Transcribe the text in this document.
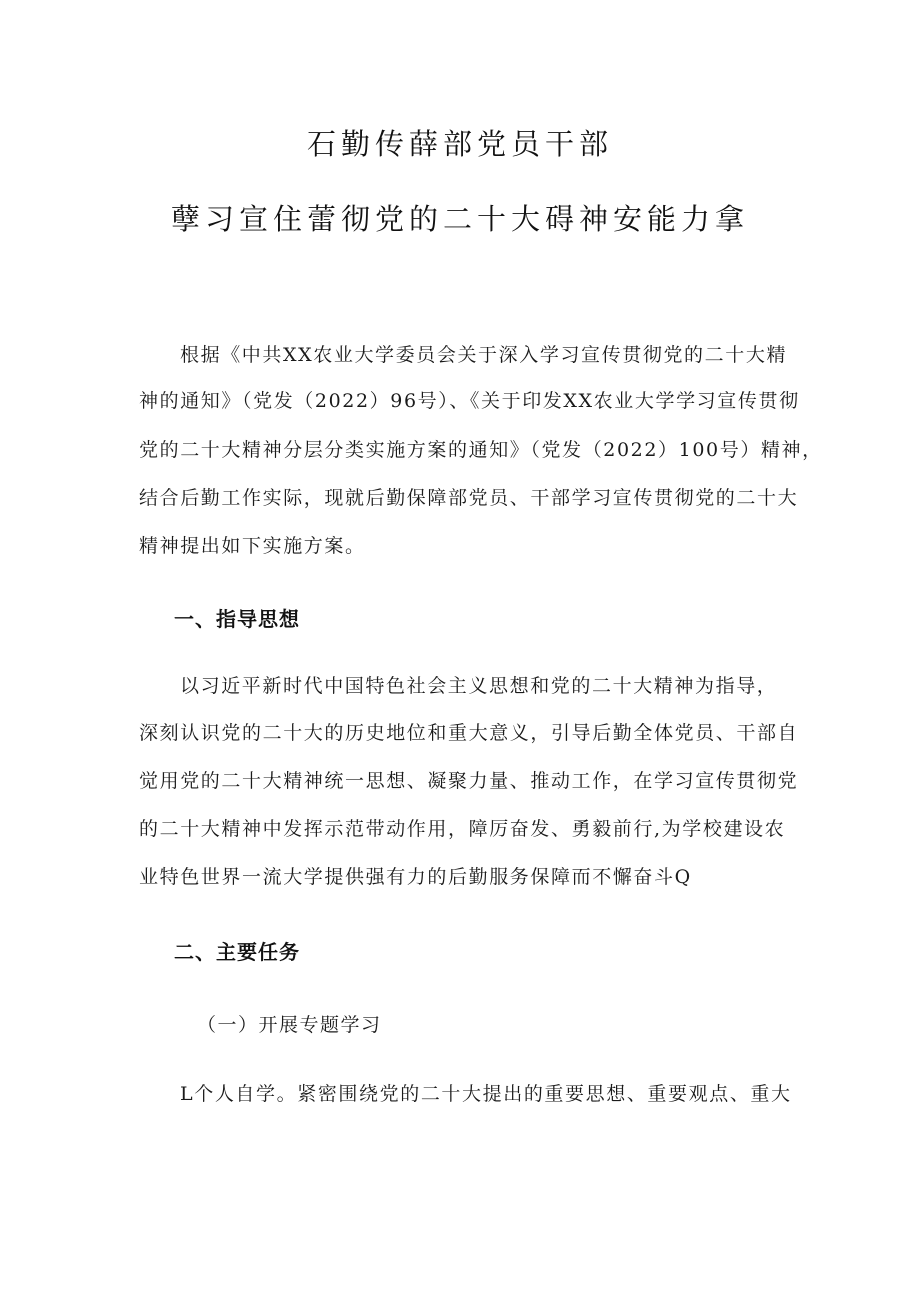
石勤传薛部党员干部
孽习宣住蕾彻党的二十大碍神安能力拿
根据《中共XX农业大学委员会关于深入学习宣传贯彻党的二十大精
神的通知》（党发（2022）96号）、《关于印发XX农业大学学习宣传贯彻
党的二十大精神分层分类实施方案的通知》（党发（2022）100号）精神，
结合后勤工作实际，现就后勤保障部党员、干部学习宣传贯彻党的二十大
精神提出如下实施方案。
一、指导思想
以习近平新时代中国特色社会主义思想和党的二十大精神为指导，
深刻认识党的二十大的历史地位和重大意义，引导后勤全体党员、干部自
觉用党的二十大精神统一思想、凝聚力量、推动工作，在学习宣传贯彻党
的二十大精神中发挥示范带动作用，障厉奋发、勇毅前行,为学校建设农
业特色世界一流大学提供强有力的后勤服务保障而不懈奋斗Q
二、主要任务
（一）开展专题学习
L个人自学。紧密围绕党的二十大提出的重要思想、重要观点、重大
